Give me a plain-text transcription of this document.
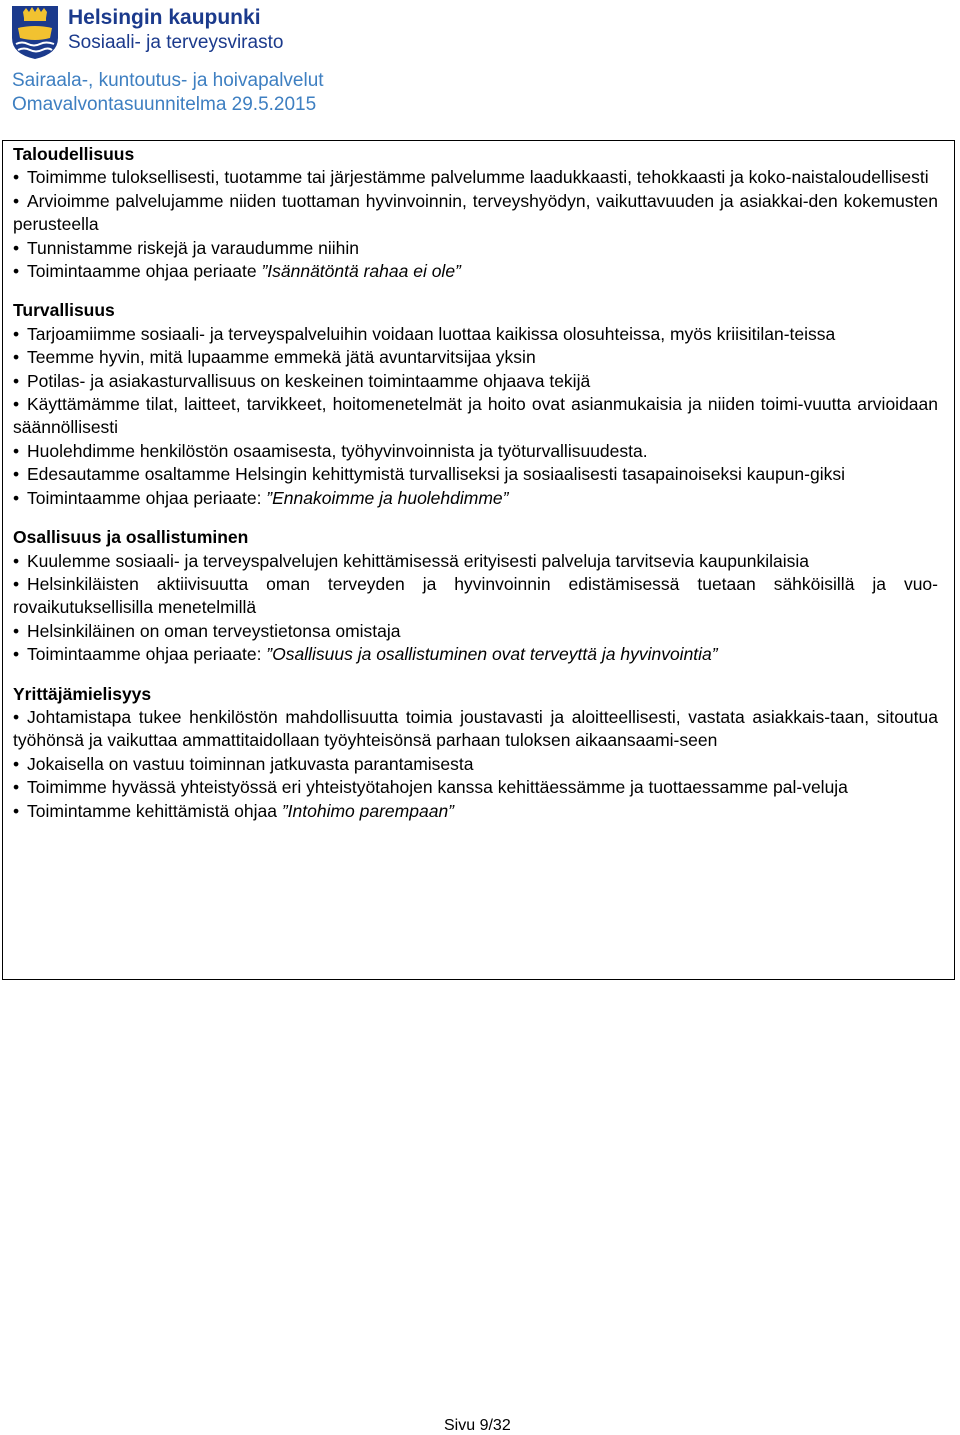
Helsingin kaupunki
Sosiaali- ja terveysvirasto
Sairaala-, kuntoutus- ja hoivapalvelut
Omavalvontasuunnitelma 29.5.2015

Taloudellisuus

• Toimimme tuloksellisesti, tuotamme tai järjestämme palvelumme laadukkaasti, tehokkaasti ja koko-naistaloudellisesti
• Arvioimme palvelujamme niiden tuottaman hyvinvoinnin, terveyshyödyn, vaikuttavuuden ja asiakkai-den kokemusten perusteella
• Tunnistamme riskejä ja varaudumme niihin
• Toimintaamme ohjaa periaate ”Isännätöntä rahaa ei ole”

Turvallisuus

• Tarjoamiimme sosiaali- ja terveyspalveluihin voidaan luottaa kaikissa olosuhteissa, myös kriisitilan-teissa
• Teemme hyvin, mitä lupaamme emmekä jätä avuntarvitsijaa yksin
• Potilas- ja asiakasturvallisuus on keskeinen toimintaamme ohjaava tekijä
• Käyttämämme tilat, laitteet, tarvikkeet, hoitomenetelmät ja hoito ovat asianmukaisia ja niiden toimi-vuutta arvioidaan säännöllisesti
• Huolehdimme henkilöstön osaamisesta, työhyvinvoinnista ja työturvallisuudesta.
• Edesautamme osaltamme Helsingin kehittymistä turvalliseksi ja sosiaalisesti tasapainoiseksi kaupun-giksi
• Toimintaamme ohjaa periaate: ”Ennakoimme ja huolehdimme”

Osallisuus ja osallistuminen

• Kuulemme sosiaali- ja terveyspalvelujen kehittämisessä erityisesti palveluja tarvitsevia kaupunkilaisia
• Helsinkiläisten aktiivisuutta oman terveyden ja hyvinvoinnin edistämisessä tuetaan sähköisillä ja vuo-rovaikutuksellisilla menetelmillä
• Helsinkiläinen on oman terveystietonsa omistaja
• Toimintaamme ohjaa periaate: ”Osallisuus ja osallistuminen ovat terveyttä ja hyvinvointia”

Yrittäjämielisyys

• Johtamistapa tukee henkilöstön mahdollisuutta toimia joustavasti ja aloitteellisesti, vastata asiakkais-taan, sitoutua työhönsä ja vaikuttaa ammattitaidollaan työyhteisönsä parhaan tuloksen aikaansaami-seen
• Jokaisella on vastuu toiminnan jatkuvasta parantamisesta
• Toimimme hyvässä yhteistyössä eri yhteistyötahojen kanssa kehittäessämme ja tuottaessamme pal-veluja
• Toimintamme kehittämistä ohjaa ”Intohimo parempaan”
Sivu 9/32
